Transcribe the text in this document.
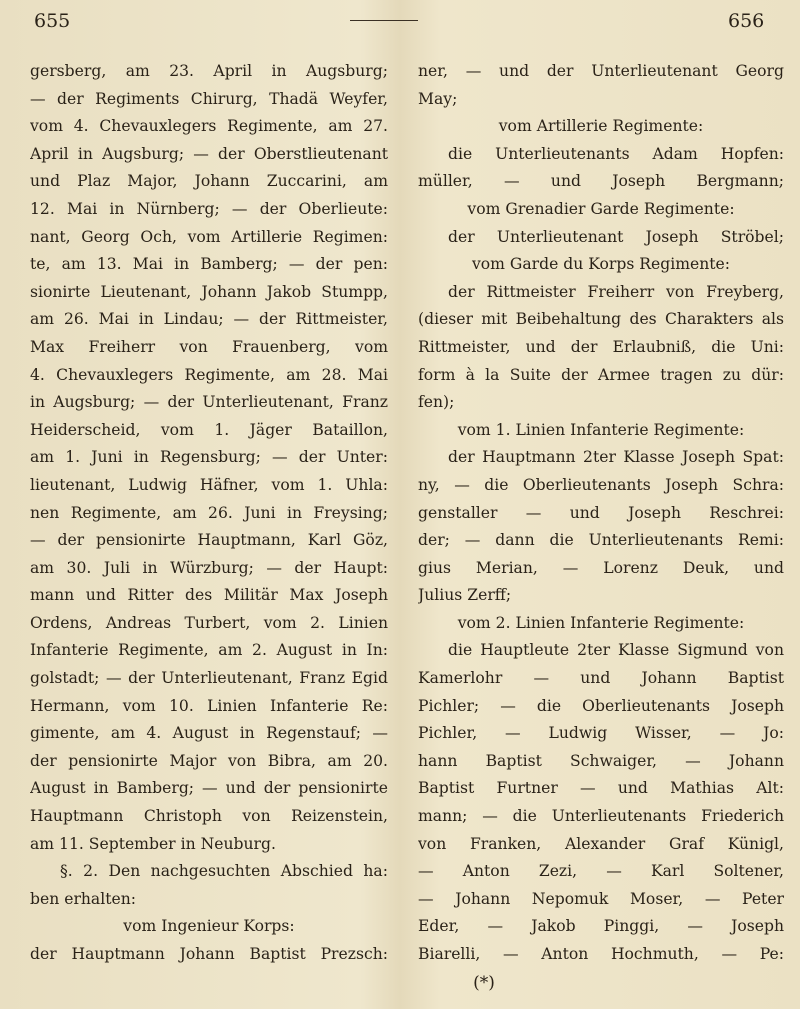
655	656
gersberg, am 23. April in Augsburg;
— der Regiments Chirurg, Thadä Weyfer,
vom 4. Chevauxlegers Regimente, am 27.
April in Augsburg; — der Oberstlieutenant
und Plaz Major, Johann Zuccarini, am
12. Mai in Nürnberg; — der Oberlieute:
nant, Georg Och, vom Artillerie Regimen:
te, am 13. Mai in Bamberg; — der pen:
sionirte Lieutenant, Johann Jakob Stumpp,
am 26. Mai in Lindau; — der Rittmeister,
Max Freiherr von Frauenberg, vom
4. Chevauxlegers Regimente, am 28. Mai
in Augsburg; — der Unterlieutenant, Franz
Heiderscheid, vom 1. Jäger Bataillon,
am 1. Juni in Regensburg; — der Unter:
lieutenant, Ludwig Häfner, vom 1. Uhla:
nen Regimente, am 26. Juni in Freysing;
— der pensionirte Hauptmann, Karl Göz,
am 30. Juli in Würzburg; — der Haupt:
mann und Ritter des Militär Max Joseph
Ordens, Andreas Turbert, vom 2. Linien
Infanterie Regimente, am 2. August in In:
golstadt; — der Unterlieutenant, Franz Egid
Hermann, vom 10. Linien Infanterie Re:
gimente, am 4. August in Regenstauf; —
der pensionirte Major von Bibra, am 20.
August in Bamberg; — und der pensionirte
Hauptmann Christoph von Reizenstein,
am 11. September in Neuburg.
§. 2. Den nachgesuchten Abschied ha:
ben erhalten:
vom Ingenieur Korps:
der Hauptmann Johann Baptist Prezsch:
ner, — und der Unterlieutenant Georg
May;
vom Artillerie Regimente:
die Unterlieutenants Adam Hopfen:
müller, — und Joseph Bergmann;
vom Grenadier Garde Regimente:
der Unterlieutenant Joseph Ströbel;
vom Garde du Korps Regimente:
der Rittmeister Freiherr von Freyberg,
(dieser mit Beibehaltung des Charakters als
Rittmeister, und der Erlaubniß, die Uni:
form à la Suite der Armee tragen zu dür:
fen);
vom 1. Linien Infanterie Regimente:
der Hauptmann 2ter Klasse Joseph Spat:
ny, — die Oberlieutenants Joseph Schra:
genstaller — und Joseph Reschrei:
der; — dann die Unterlieutenants Remi:
gius Merian, — Lorenz Deuk, und
Julius Zerff;
vom 2. Linien Infanterie Regimente:
die Hauptleute 2ter Klasse Sigmund von
Kamerlohr — und Johann Baptist
Pichler; — die Oberlieutenants Joseph
Pichler, — Ludwig Wisser, — Jo:
hann Baptist Schwaiger, — Johann
Baptist Furtner — und Mathias Alt:
mann; — die Unterlieutenants Friederich
von Franken, Alexander Graf Künigl,
— Anton Zezi, — Karl Soltener,
— Johann Nepomuk Moser, — Peter
Eder, — Jakob Pinggi, — Joseph
Biarelli, — Anton Hochmuth, — Pe:
(*)
